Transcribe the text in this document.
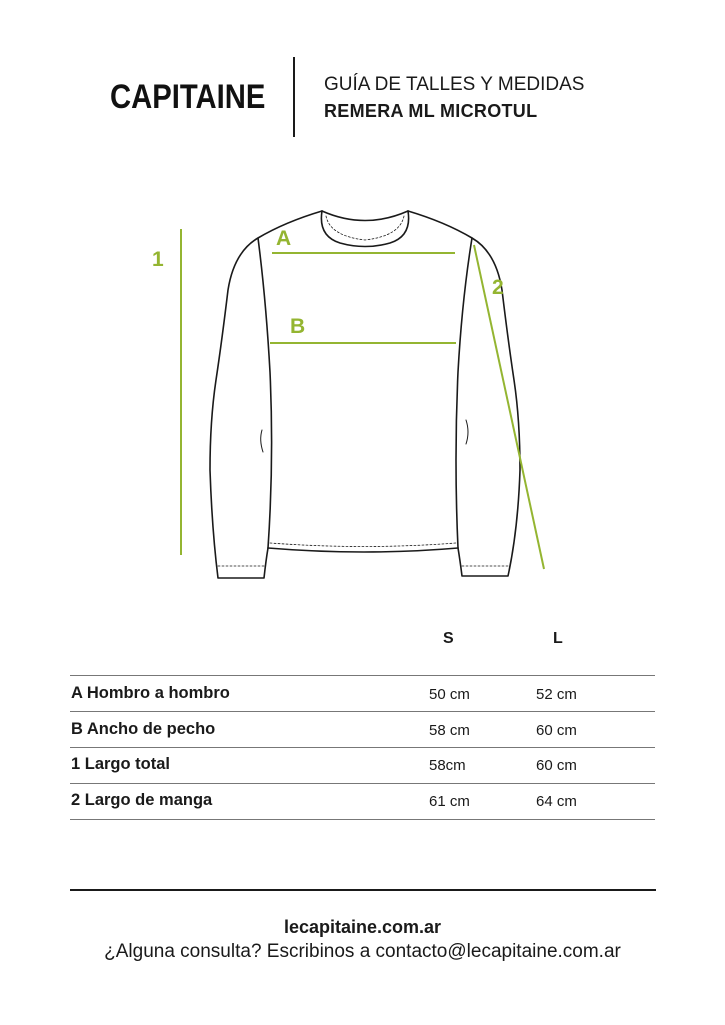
CAPITAINE	GUÍA DE TALLES Y MEDIDAS
REMERA ML MICROTUL
A
B
1
2
S	L
A Hombro a hombro	50 cm	52 cm
B Ancho de pecho	58 cm	60 cm
1 Largo total	58cm	60 cm
2 Largo de manga	61 cm	64 cm
lecapitaine.com.ar
¿Alguna consulta? Escribinos a contacto@lecapitaine.com.ar
